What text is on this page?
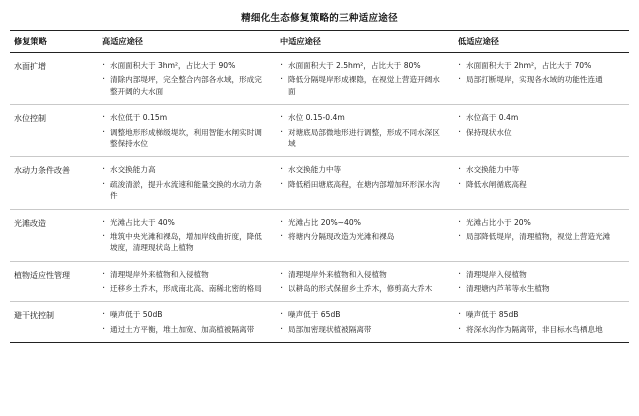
精细化生态修复策略的三种适应途径
修复策略	高适应途径	中适应途径	低适应途径
水面扩增	
·水面面积大于 3hm²，占比大于 90%
· 清除内部堤坪，完全整合内部各水域，形成完整开阔的大水面

· 水面面积大于 2.5hm²，占比大于 80%
· 降低分隔堤岸形成裸隐，在视觉上营造开阔水面

· 水面面积大于 2hm²，占比大于 70%
· 局部打断堤岸，实现各水域的功能性连通

水位控制	
·水位低于 0.15m
· 调整地形形成梯级堤坎，利用智能水闸实时调整保持水位

· 水位 0.15-0.4m
· 对塘底局部微地形进行调整，形成不同水深区域

· 水位高于 0.4m
· 保持现状水位

水动力条件改善	
·水交换能力高
· 疏浚清淤，提升水流速和能量交换的水动力条件

· 水交换能力中等
· 降低稻田塘底高程，在塘内部增加环形深水沟

· 水交换能力中等
· 降低水闸循底高程

光滩改造	
·光滩占比大于 40%
· 堆筑中央光滩和裸岛，增加岸线曲折度，降低坡度，清理现状岛上植物

· 光滩占比 20%~40%
· 将塘内分隔现改造为光滩和裸岛

· 光滩占比小于 20%
· 局部降低堤岸，清理植物，视觉上营造光滩

植物适应性管理	
·清理堤岸外来植物和入侵植物
· 迁移乡土乔木，形成南北高、南稀北密的格局

· 清理堤岸外来植物和入侵植物
· 以耕岛的形式保留乡土乔木，修剪高大乔木

· 清理堤岸入侵植物
· 清理塘内芦苇等水生植物

避干扰控制	
·噪声低于 50dB
· 通过土方平衡，堆土加宽、加高植被隔离带

· 噪声低于 65dB
· 局部加密现状植被隔离带

· 噪声低于 85dB
· 将深水沟作为隔离带，非目标水鸟栖息地
